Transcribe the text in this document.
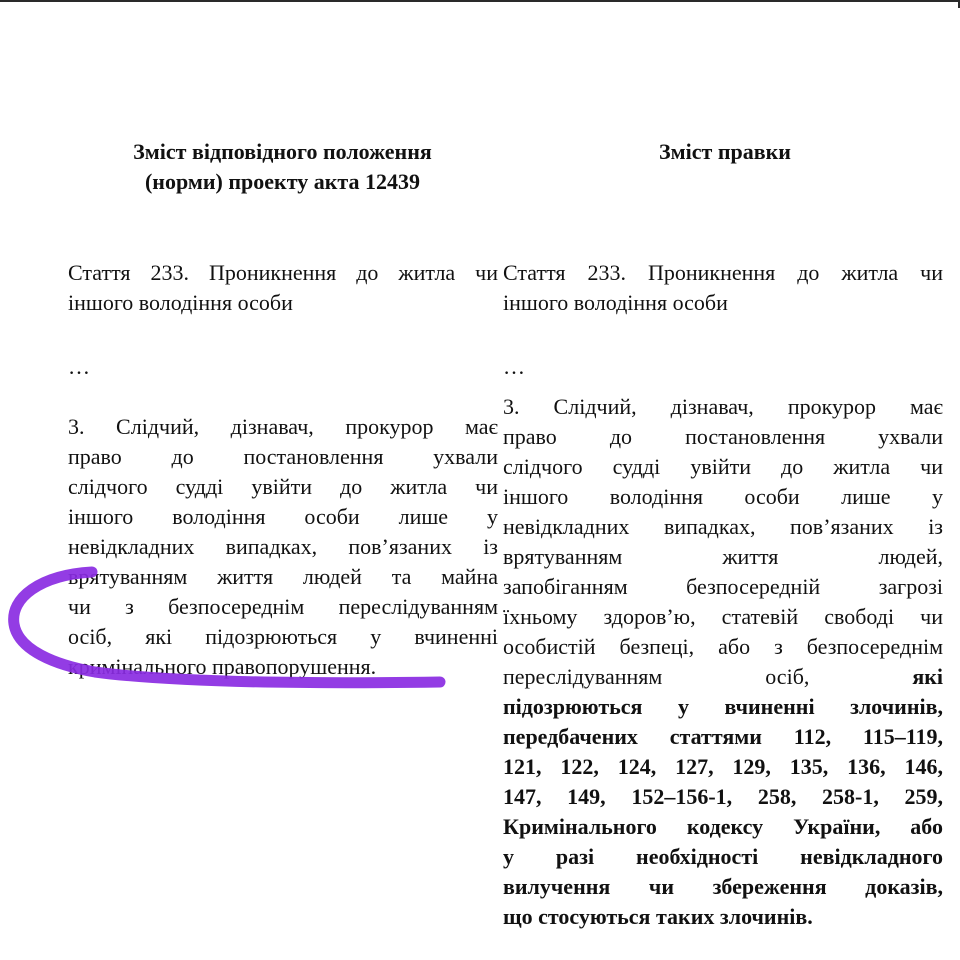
Зміст відповідного положення
(норми) проекту акта 12439
Зміст правки
Стаття 233. Проникнення до житла чи
іншого володіння особи
…
3. Слідчий, дізнавач, прокурор має
право до постановлення ухвали
слідчого судді увійти до житла чи
іншого володіння особи лише у
невідкладних випадках, пов’язаних із
врятуванням життя людей та майна
чи з безпосереднім переслідуванням
осіб, які підозрюються у вчиненні
кримінального правопорушення.
Стаття 233. Проникнення до житла чи
іншого володіння особи
…
3. Слідчий, дізнавач, прокурор має
право до постановлення ухвали
слідчого судді увійти до житла чи
іншого володіння особи лише у
невідкладних випадках, пов’язаних із
врятуванням життя людей,
запобіганням безпосередній загрозі
їхньому здоров’ю, статевій свободі чи
особистій безпеці, або з безпосереднім
переслідуванням осіб,	які
підозрюються у вчиненні злочинів,
передбачених статтями 112, 115–119,
121, 122, 124, 127, 129, 135, 136, 146,
147, 149, 152–156-1, 258, 258-1, 259,
Кримінального кодексу України, або
у разі необхідності невідкладного
вилучення чи збереження доказів,
що стосуються таких злочинів.
